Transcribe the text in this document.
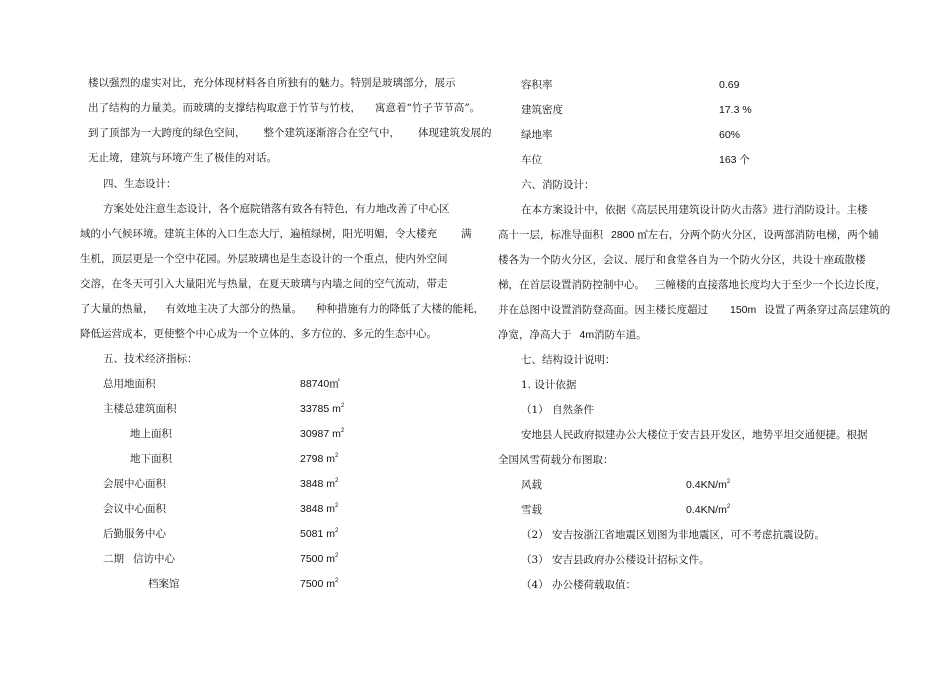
楼以强烈的虚实对比，充分体现材料各自所独有的魅力。特别是玻璃部分，展示
出了结构的力量美。而玻璃的支撑结构取意于竹节与竹枝， 寓意着“竹子节节高”。
到了顶部为一大跨度的绿色空间， 整个建筑逐渐溶合在空气中， 体现建筑发展的
无止境，建筑与环境产生了极佳的对话。
四、生态设计：
方案处处注意生态设计，各个庭院错落有致各有特色，有力地改善了中心区
域的小气候环境。建筑主体的入口生态大厅，遍植绿树，阳光明媚，令大楼充 满
生机，顶层更是一个空中花园。外层玻璃也是生态设计的一个重点，使内外空间
交溶，在冬天可引入大量阳光与热量，在夏天玻璃与内墙之间的空气流动，带走
了大量的热量， 有效地主决了大部分的热量。 种种措施有力的降低了大楼的能耗，
降低运营成本，更使整个中心成为一个立体的、多方位的、多元的生态中心。
五、技术经济指标：
总用地面积	88740㎡
主楼总建筑面积	33785 $m^2$
地上面积	30987 $m^2$
地下面积	2798 $m^2$
会展中心面积	3848 $m^2$
会议中心面积	3848 $m^2$
后勤服务中心	5081 $m^2$
二期 信访中心	7500 $m^2$
档案馆	7500 $m^2$
容积率	0.69
建筑密度	17.3 %
绿地率	60%
车位	163 个
六、消防设计：
在本方案设计中，依据《高层民用建筑设计防火击落》进行消防设计。主楼
高十一层，标准导面积 2800 ㎡左右，分两个防火分区，设两部消防电梯，两个辅
楼各为一个防火分区，会议、展厅和食堂各自为一个防火分区，共设十座疏散楼
梯，在首层设置消防控制中心。 三幢楼的直接落地长度均大于至少一个长边长度，
并在总图中设置消防登高面。因主楼长度超过 150m 设置了两条穿过高层建筑的
净宽，净高大于 4m消防车道。
七、结构设计说明：
1. 设计依据
（1） 自然条件
安地县人民政府拟建办公大楼位于安吉县开发区，地势平坦交通便捷。根据
全国风雪荷载分布图取：
风载	$0.4KN/m^2$
雪载	$0.4KN/m^2$
（2） 安吉按浙江省地震区划图为非地震区，可不考虑抗震设防。
（3） 安吉县政府办公楼设计招标文件。
（4） 办公楼荷载取值：
